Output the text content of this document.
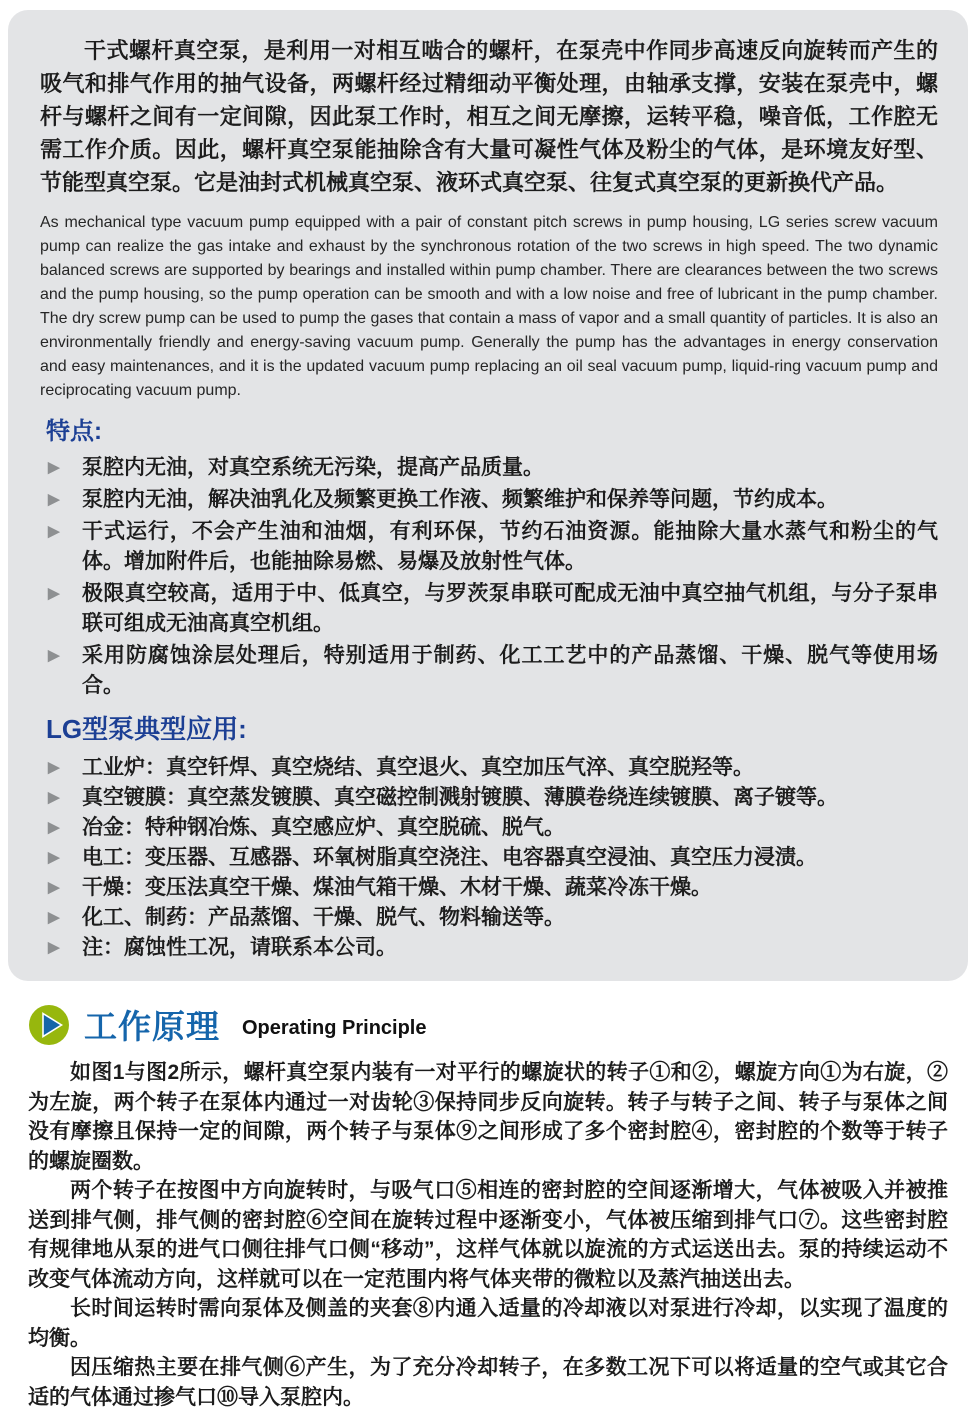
干式螺杆真空泵，是利用一对相互啮合的螺杆，在泵壳中作同步高速反向旋转而产生的吸气和排气作用的抽气设备，两螺杆经过精细动平衡处理，由轴承支撑，安装在泵壳中，螺杆与螺杆之间有一定间隙，因此泵工作时，相互之间无摩擦，运转平稳，噪音低，工作腔无需工作介质。因此，螺杆真空泵能抽除含有大量可凝性气体及粉尘的气体，是环境友好型、节能型真空泵。它是油封式机械真空泵、液环式真空泵、往复式真空泵的更新换代产品。

As mechanical type vacuum pump equipped with a pair of constant pitch screws in pump housing, LG series screw vacuum pump can realize the gas intake and exhaust by the synchronous rotation of the two screws in high speed. The two dynamic balanced screws are supported by bearings and installed within pump chamber. There are clearances between the two screws and the pump housing, so the pump operation can be smooth and with a low noise and free of lubricant in the pump chamber. The dry screw pump can be used to pump the gases that contain a mass of vapor and a small quantity of particles. It is also an environmentally friendly and energy-saving vacuum pump. Generally the pump has the advantages in energy conservation and easy maintenances, and it is the updated vacuum pump replacing an oil seal vacuum pump, liquid-ring vacuum pump and reciprocating vacuum pump.

特点:
▶
泵腔内无油，对真空系统无污染，提高产品质量。
▶
泵腔内无油，解决油乳化及频繁更换工作液、频繁维护和保养等问题，节约成本。
▶
干式运行，不会产生油和油烟，有利环保，节约石油资源。能抽除大量水蒸气和粉尘的气体。增加附件后，也能抽除易燃、易爆及放射性气体。
▶
极限真空较高，适用于中、低真空，与罗茨泵串联可配成无油中真空抽气机组，与分子泵串联可组成无油高真空机组。
▶
采用防腐蚀涂层处理后，特别适用于制药、化工工艺中的产品蒸馏、干燥、脱气等使用场合。
LG型泵典型应用:
▶
工业炉：真空钎焊、真空烧结、真空退火、真空加压气淬、真空脱羟等。
▶
真空镀膜：真空蒸发镀膜、真空磁控制溅射镀膜、薄膜卷绕连续镀膜、离子镀等。
▶
冶金：特种钢冶炼、真空感应炉、真空脱硫、脱气。
▶
电工：变压器、互感器、环氧树脂真空浇注、电容器真空浸油、真空压力浸渍。
▶
干燥：变压法真空干燥、煤油气箱干燥、木材干燥、蔬菜冷冻干燥。
▶
化工、制药：产品蒸馏、干燥、脱气、物料输送等。
▶
注：腐蚀性工况，请联系本公司。
工作原理 Operating Principle

如图1与图2所示，螺杆真空泵内装有一对平行的螺旋状的转子①和②，螺旋方向①为右旋，②为左旋，两个转子在泵体内通过一对齿轮③保持同步反向旋转。转子与转子之间、转子与泵体之间没有摩擦且保持一定的间隙，两个转子与泵体⑨之间形成了多个密封腔④，密封腔的个数等于转子的螺旋圈数。

两个转子在按图中方向旋转时，与吸气口⑤相连的密封腔的空间逐渐增大，气体被吸入并被推送到排气侧，排气侧的密封腔⑥空间在旋转过程中逐渐变小，气体被压缩到排气口⑦。这些密封腔有规律地从泵的进气口侧往排气口侧“移动”，这样气体就以旋流的方式运送出去。泵的持续运动不改变气体流动方向，这样就可以在一定范围内将气体夹带的微粒以及蒸汽抽送出去。

长时间运转时需向泵体及侧盖的夹套⑧内通入适量的冷却液以对泵进行冷却，以实现了温度的均衡。

因压缩热主要在排气侧⑥产生，为了充分冷却转子，在多数工况下可以将适量的空气或其它合适的气体通过掺气口⑩导入泵腔内。
